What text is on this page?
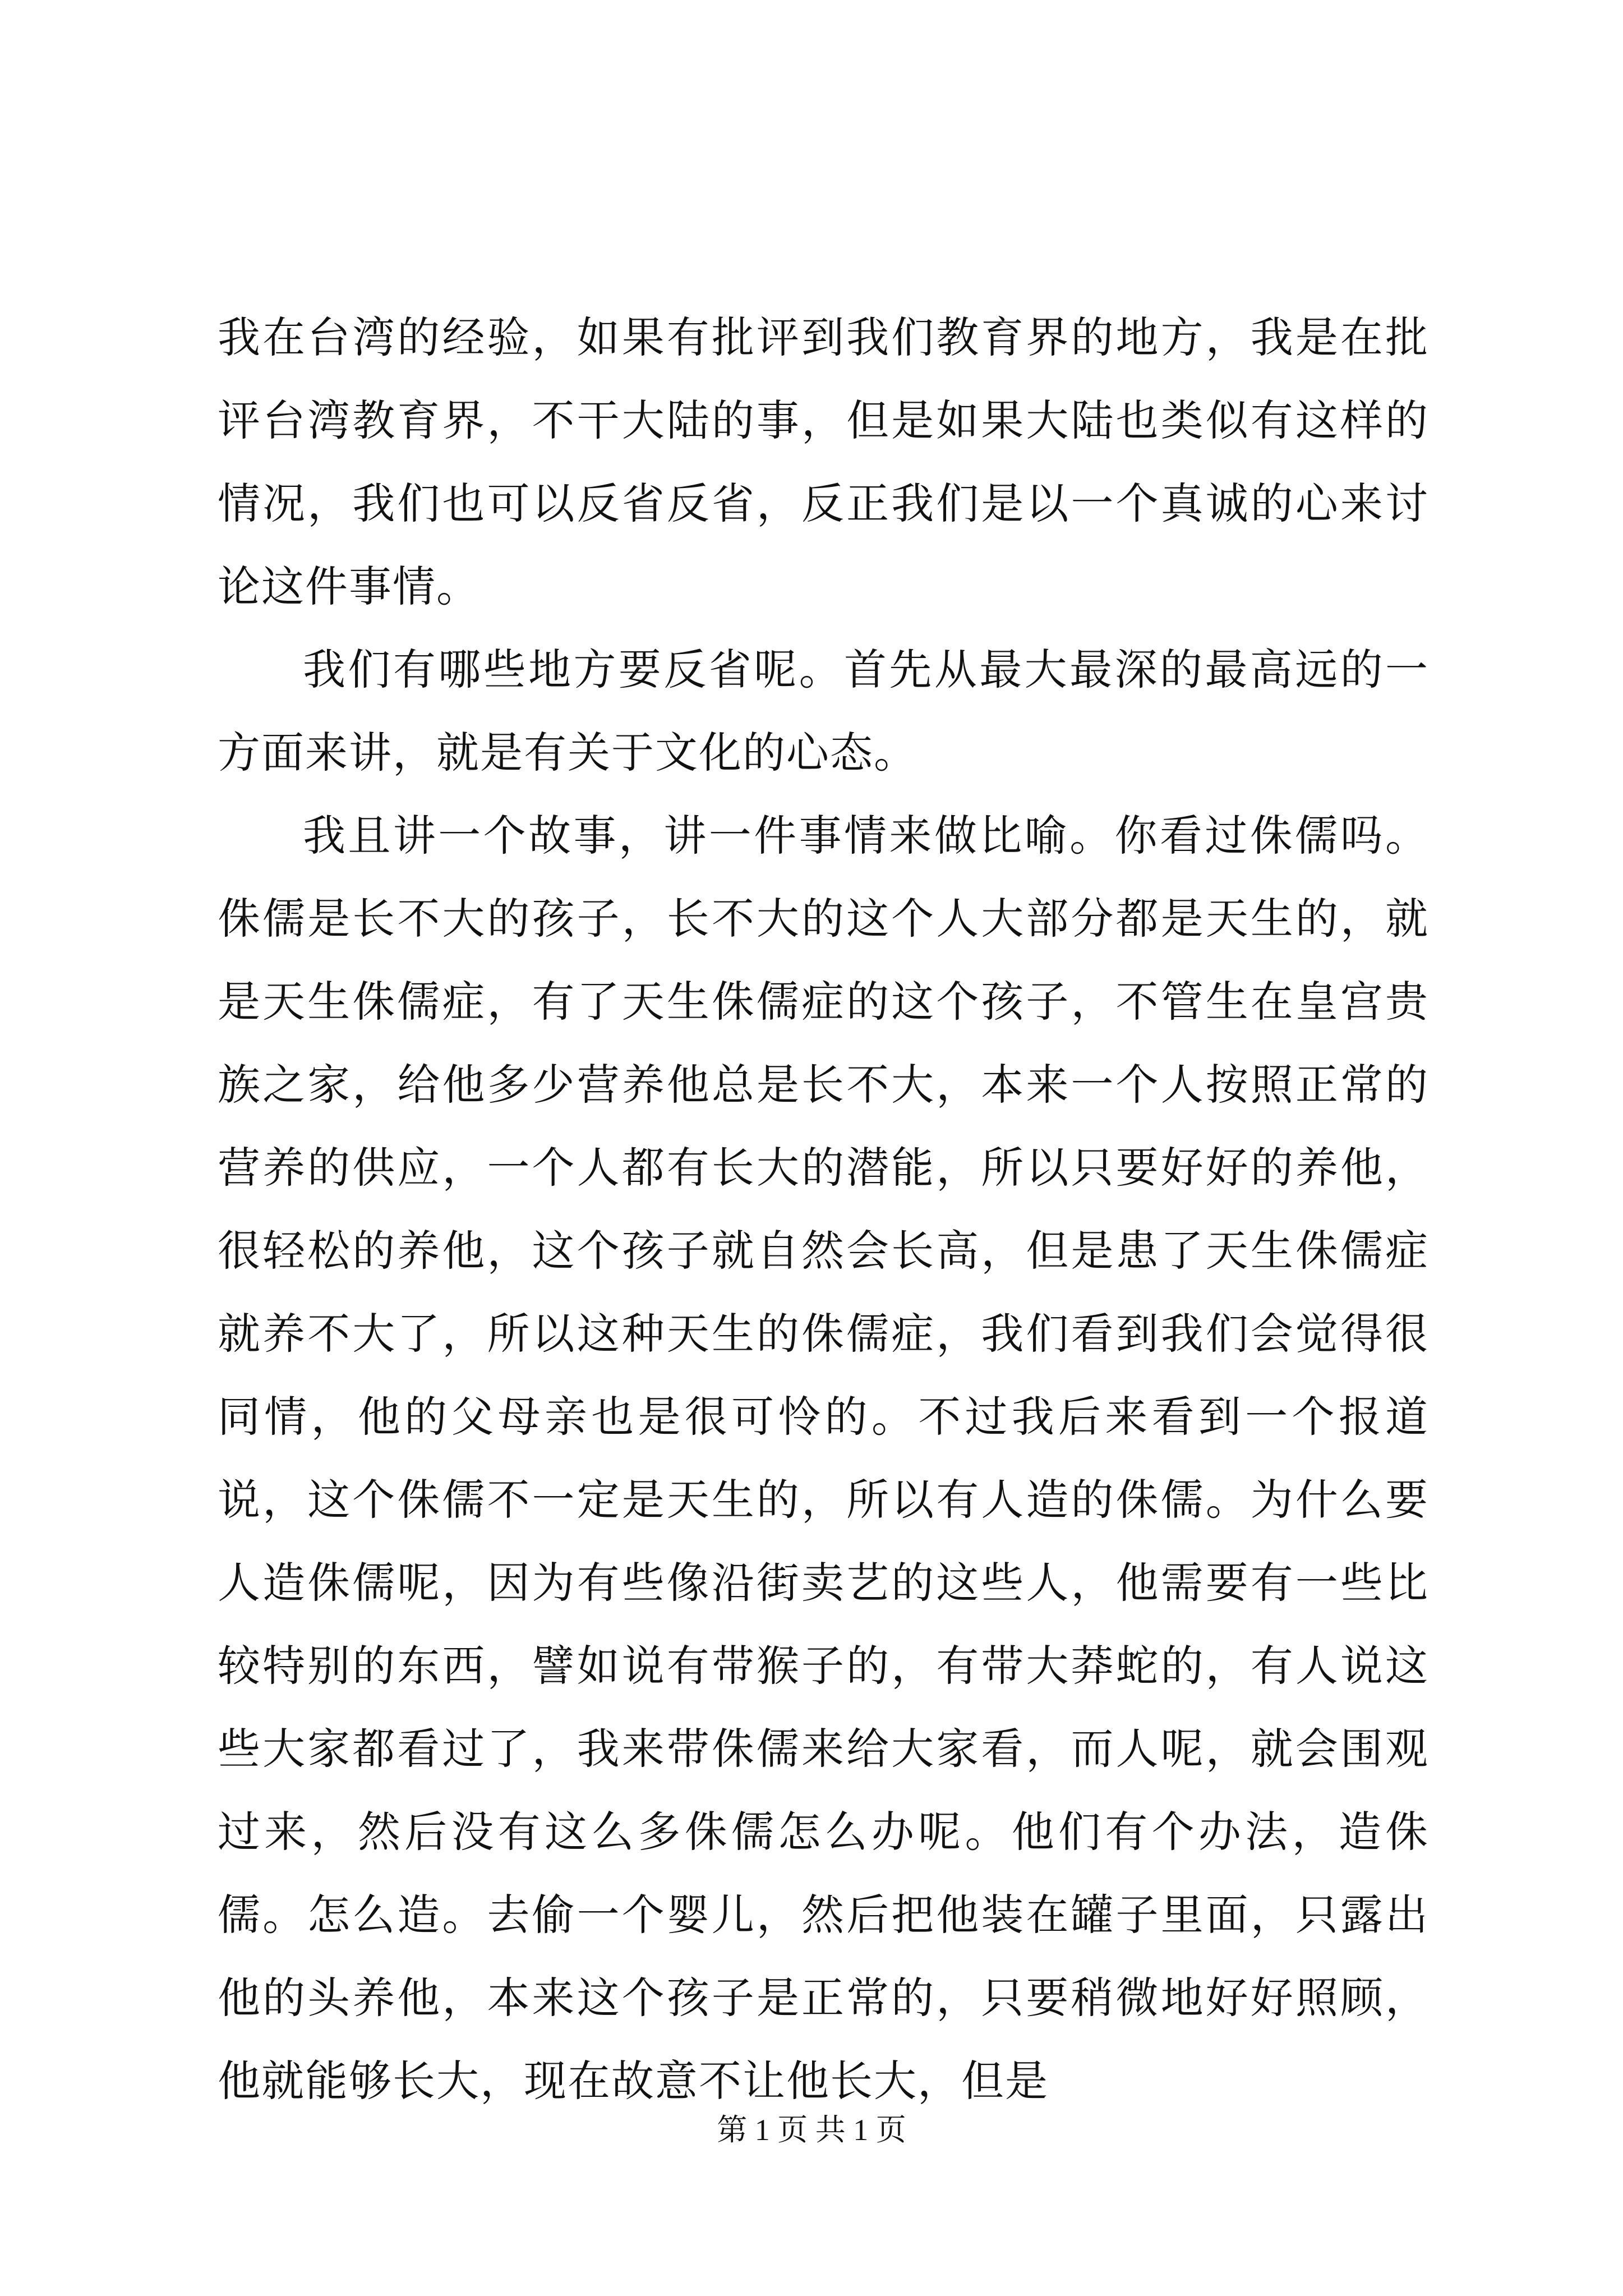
我在台湾的经验，如果有批评到我们教育界的地方，我是在批评台湾教育界，不干大陆的事，但是如果大陆也类似有这样的情况，我们也可以反省反省，反正我们是以一个真诚的心来讨论这件事情。

我们有哪些地方要反省呢。首先从最大最深的最高远的一方面来讲，就是有关于文化的心态。

我且讲一个故事，讲一件事情来做比喻。你看过侏儒吗。侏儒是长不大的孩子，长不大的这个人大部分都是天生的，就是天生侏儒症，有了天生侏儒症的这个孩子，不管生在皇宫贵族之家，给他多少营养他总是长不大，本来一个人按照正常的营养的供应，一个人都有长大的潜能，所以只要好好的养他，很轻松的养他，这个孩子就自然会长高，但是患了天生侏儒症就养不大了，所以这种天生的侏儒症，我们看到我们会觉得很同情，他的父母亲也是很可怜的。不过我后来看到一个报道说，这个侏儒不一定是天生的，所以有人造的侏儒。为什么要人造侏儒呢，因为有些像沿街卖艺的这些人，他需要有一些比较特别的东西，譬如说有带猴子的，有带大莽蛇的，有人说这些大家都看过了，我来带侏儒来给大家看，而人呢，就会围观过来，然后没有这么多侏儒怎么办呢。他们有个办法，造侏儒。怎么造。去偷一个婴儿，然后把他装在罐子里面，只露出他的头养他，本来这个孩子是正常的，只要稍微地好好照顾，他就能够长大，现在故意不让他长大，但是

第 1 页 共 1 页
